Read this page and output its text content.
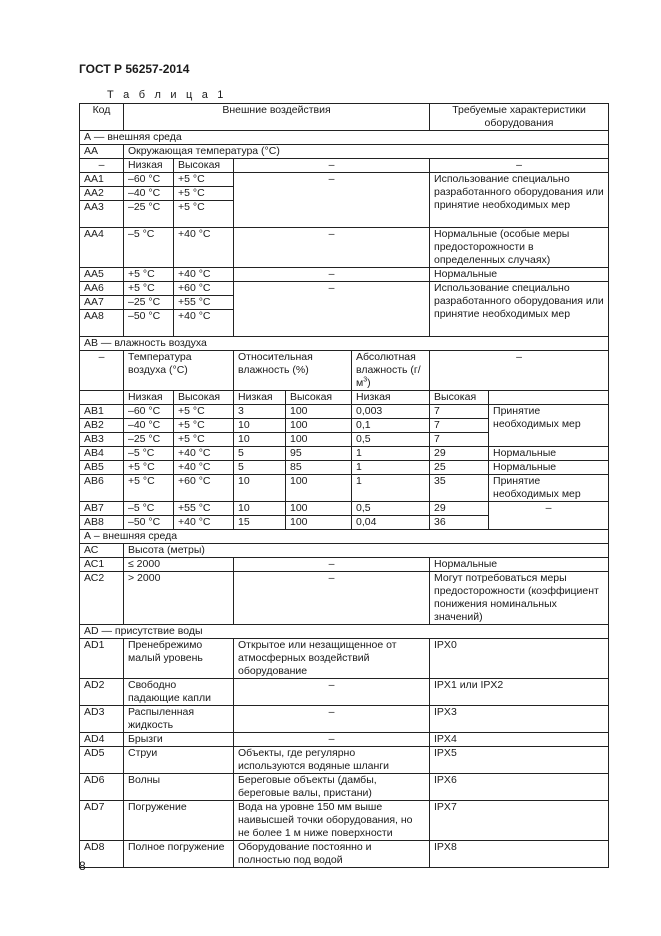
ГОСТ Р 56257-2014
Т а б л и ц а 1
Код	Внешние воздействия					Требуемые характеристики оборудования	
А — внешняя среда							
АА	Окружающая температура (°С)						
–	Низкая	Высокая	–			–	
АА1	–60 °С	+5 °С	–			Использование специально разработанного оборудования или принятие необходимых мер	
АА2	–40 °С	+5 °С					
АА3	–25 °С	+5 °С					
АА4	–5 °С	+40 °С	–			Нормальные (особые меры предосторожности в определенных случаях)	
АА5	+5 °С	+40 °С	–			Нормальные	
АА6	+5 °С	+60 °С	–			Использование специально разработанного оборудования или принятие необходимых мер	
АА7	–25 °С	+55 °С					
АА8	–50 °С	+40 °С					
АВ — влажность воздуха							
–	Температура воздуха (°С)		Относительная влажность (%)		Абсолютная влажность $(г/м^3)$	–	
	Низкая	Высокая	Низкая	Высокая	Низкая	Высокая	
АВ1	–60 °С	+5 °С	3	100	0,003	7	Принятие необходимых мер
АВ2	–40 °С	+5 °С	10	100	0,1	7	
АВ3	–25 °С	+5 °С	10	100	0,5	7	
АВ4	–5 °С	+40 °С	5	95	1	29	Нормальные
АВ5	+5 °С	+40 °С	5	85	1	25	Нормальные
АВ6	+5 °С	+60 °С	10	100	1	35	Принятие необходимых мер
АВ7	–5 °С	+55 °С	10	100	0,5	29	–
АВ8	–50 °С	+40 °С	15	100	0,04	36	
А – внешняя среда							
АС	Высота (метры)						
АС1	≤ 2000		–			Нормальные	
АС2	> 2000		–			Могут потребоваться меры предосторожности (коэффициент понижения номинальных значений)	
AD — присутствие воды							
AD1	Пренебрежимо малый уровень		Открытое или незащищенное от атмосферных воздействий оборудование			IPX0	
AD2	Свободно падающие капли		–			IPX1 или IPX2	
AD3	Распыленная жидкость		–			IPX3	
AD4	Брызги		–			IPX4	
AD5	Струи		Объекты, где регулярно используются водяные шланги			IPX5	
AD6	Волны		Береговые объекты (дамбы, береговые валы, пристани)			IPX6	
AD7	Погружение		Вода на уровне 150 мм выше наивысшей точки оборудования, но не более 1 м ниже поверхности			IPX7	
AD8	Полное погружение		Оборудование постоянно и полностью под водой			IPX8	
8
